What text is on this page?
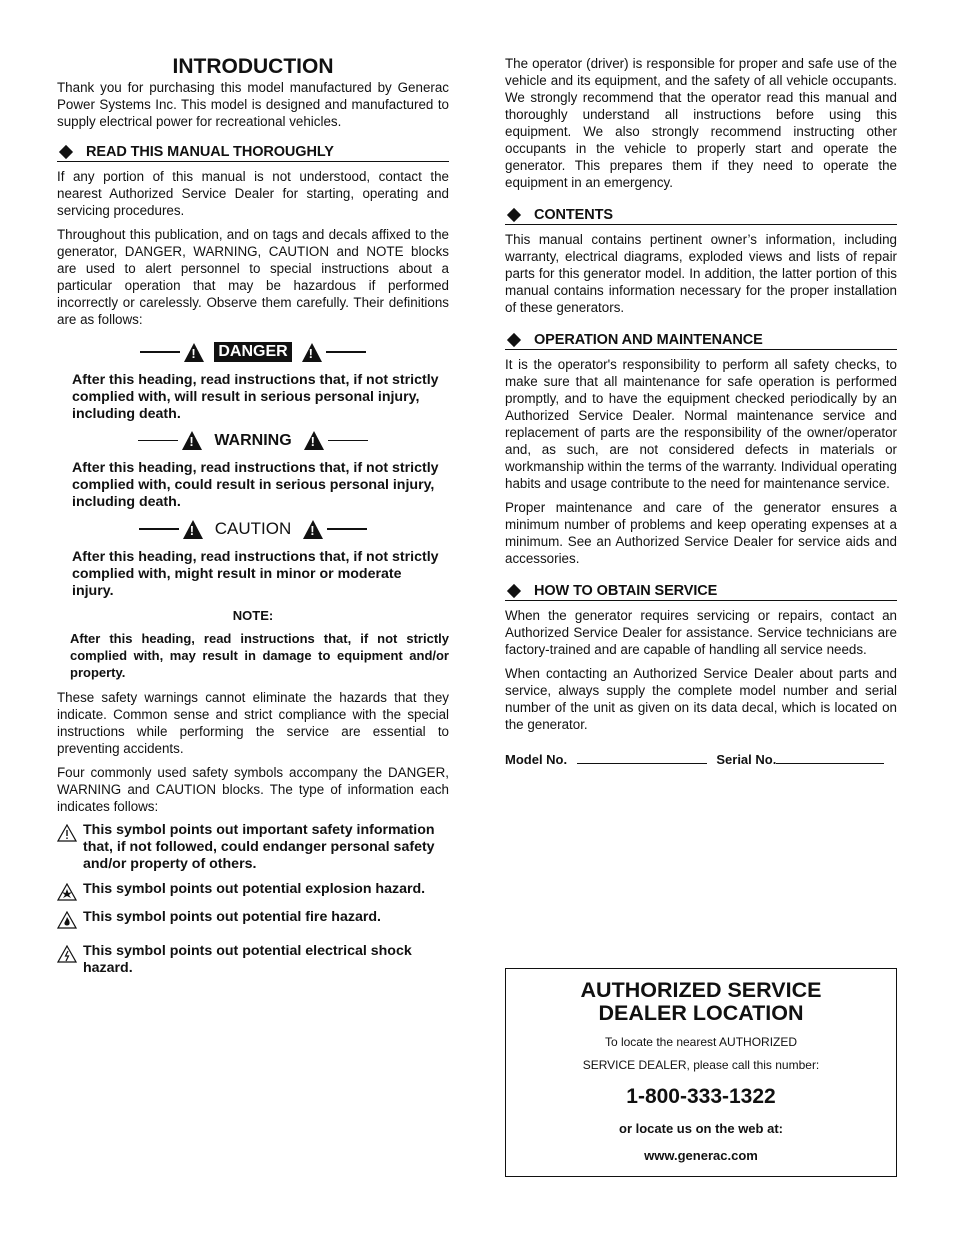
INTRODUCTION

Thank you for purchasing this model manufactured by Generac Power Systems Inc. This model is designed and manufactured to supply electrical power for recreational vehicles.

READ THIS MANUAL THOROUGHLY

If any portion of this manual is not understood, contact the nearest Authorized Service Dealer for starting, operating and servicing procedures.

Throughout this publication, and on tags and decals affixed to the generator, DANGER, WARNING, CAUTION and NOTE blocks are used to alert personnel to special instructions about a particular operation that may be hazardous if performed incorrectly or carelessly. Observe them carefully. Their definitions are as follows:

!
DANGER
!
After this heading, read instructions that, if not strictly complied with, will result in serious personal injury, including death.
!
WARNING
!
After this heading, read instructions that, if not strictly complied with, could result in serious personal injury, including death.
!
CAUTION
!
After this heading, read instructions that, if not strictly complied with, might result in minor or moderate injury.
NOTE:
After this heading, read instructions that, if not strictly complied with, may result in damage to equipment and/or property.

These safety warnings cannot eliminate the hazards that they indicate. Common sense and strict compliance with the special instructions while performing the service are essential to preventing accidents.

Four commonly used safety symbols accompany the DANGER, WARNING and CAUTION blocks. The type of information each indicates follows:

This symbol points out important safety information that, if not followed, could endanger personal safety and/or property of others.
This symbol points out potential explosion hazard.
This symbol points out potential fire hazard.
This symbol points out potential electrical shock hazard.

The operator (driver) is responsible for proper and safe use of the vehicle and its equipment, and the safety of all vehicle occupants. We strongly recommend that the operator read this manual and thoroughly understand all instructions before using this equipment. We also strongly recommend instructing other occupants in the vehicle to properly start and operate the generator. This prepares them if they need to operate the equipment in an emergency.

CONTENTS

This manual contains pertinent owner’s information, including warranty, electrical diagrams, exploded views and lists of repair parts for this generator model. In addition, the latter portion of this manual contains information necessary for the proper installation of these generators.

OPERATION AND MAINTENANCE

It is the operator's responsibility to perform all safety checks, to make sure that all maintenance for safe operation is performed promptly, and to have the equipment checked periodically by an Authorized Service Dealer. Normal maintenance service and replacement of parts are the responsibility of the owner/operator and, as such, are not considered defects in materials or workmanship within the terms of the warranty. Individual operating habits and usage contribute to the need for maintenance service.

Proper maintenance and care of the generator ensures a minimum number of problems and keep operating expenses at a minimum. See an Authorized Service Dealer for service aids and accessories.

HOW TO OBTAIN SERVICE

When the generator requires servicing or repairs, contact an Authorized Service Dealer for assistance. Service technicians are factory-trained and are capable of handling all service needs.

When contacting an Authorized Service Dealer about parts and service, always supply the complete model number and serial number of the unit as given on its data decal, which is located on the generator.

Model No.	Serial No.
AUTHORIZED SERVICE
DEALER LOCATION
To locate the nearest AUTHORIZED
SERVICE DEALER, please call this number:
1-800-333-1322
or locate us on the web at:
www.generac.com
